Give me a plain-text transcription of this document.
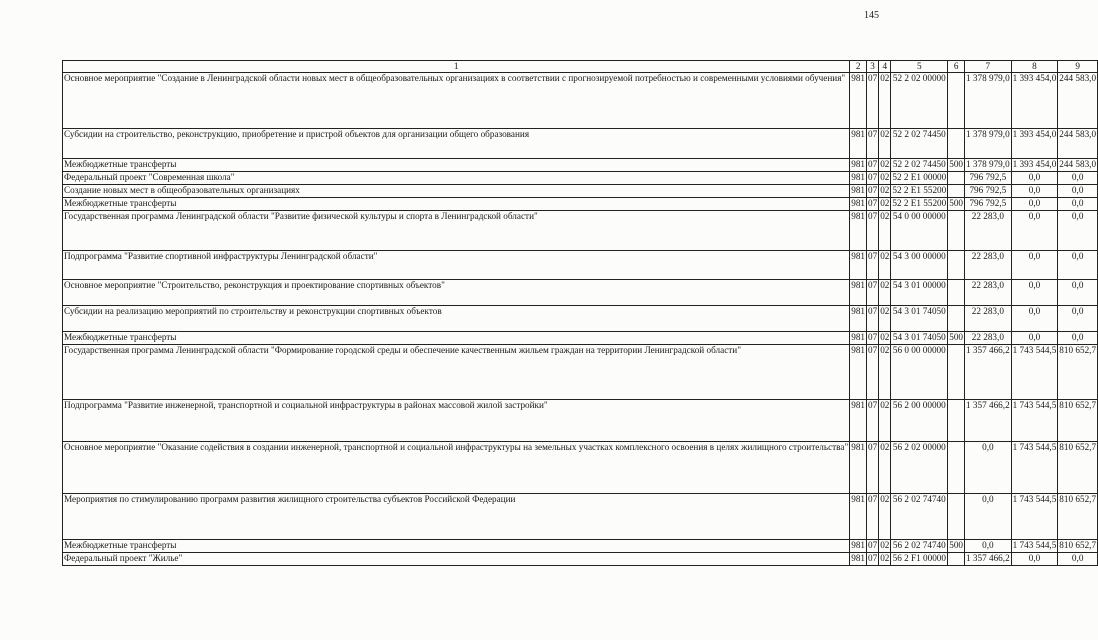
145
1	2	3	4	5	6	7	8	9
Основное мероприятие "Создание в Ленинградской области новых мест в общеобразовательных организациях в соответствии с прогнозируемой потребностью и современными условиями обучения"	981	07	02	52 2 02 00000		1 378 979,0	1 393 454,0	244 583,0
Субсидии на строительство, реконструкцию, приобретение и пристрой объектов для организации общего образования	981	07	02	52 2 02 74450		1 378 979,0	1 393 454,0	244 583,0
Межбюджетные трансферты	981	07	02	52 2 02 74450	500	1 378 979,0	1 393 454,0	244 583,0
Федеральный проект "Современная школа"	981	07	02	52 2 E1 00000		796 792,5	0,0	0,0
Создание новых мест в общеобразовательных организациях	981	07	02	52 2 E1 55200		796 792,5	0,0	0,0
Межбюджетные трансферты	981	07	02	52 2 E1 55200	500	796 792,5	0,0	0,0
Государственная программа Ленинградской области "Развитие физической культуры и спорта в Ленинградской области"	981	07	02	54 0 00 00000		22 283,0	0,0	0,0
Подпрограмма "Развитие спортивной инфраструктуры Ленинградской области"	981	07	02	54 3 00 00000		22 283,0	0,0	0,0
Основное мероприятие "Строительство, реконструкция и проектирование спортивных объектов"	981	07	02	54 3 01 00000		22 283,0	0,0	0,0
Субсидии на реализацию мероприятий по строительству и реконструкции спортивных объектов	981	07	02	54 3 01 74050		22 283,0	0,0	0,0
Межбюджетные трансферты	981	07	02	54 3 01 74050	500	22 283,0	0,0	0,0
Государственная программа Ленинградской области "Формирование городской среды и обеспечение качественным жильем граждан на территории Ленинградской области"	981	07	02	56 0 00 00000		1 357 466,2	1 743 544,5	810 652,7
Подпрограмма "Развитие инженерной, транспортной и социальной инфраструктуры в районах массовой жилой застройки"	981	07	02	56 2 00 00000		1 357 466,2	1 743 544,5	810 652,7
Основное мероприятие "Оказание содействия в создании инженерной, транспортной и социальной инфраструктуры на земельных участках комплексного освоения в целях жилищного строительства"	981	07	02	56 2 02 00000		0,0	1 743 544,5	810 652,7
Мероприятия по стимулированию программ развития жилищного строительства субъектов Российской Федерации	981	07	02	56 2 02 74740		0,0	1 743 544,5	810 652,7
Межбюджетные трансферты	981	07	02	56 2 02 74740	500	0,0	1 743 544,5	810 652,7
Федеральный проект "Жилье"	981	07	02	56 2 F1 00000		1 357 466,2	0,0	0,0
